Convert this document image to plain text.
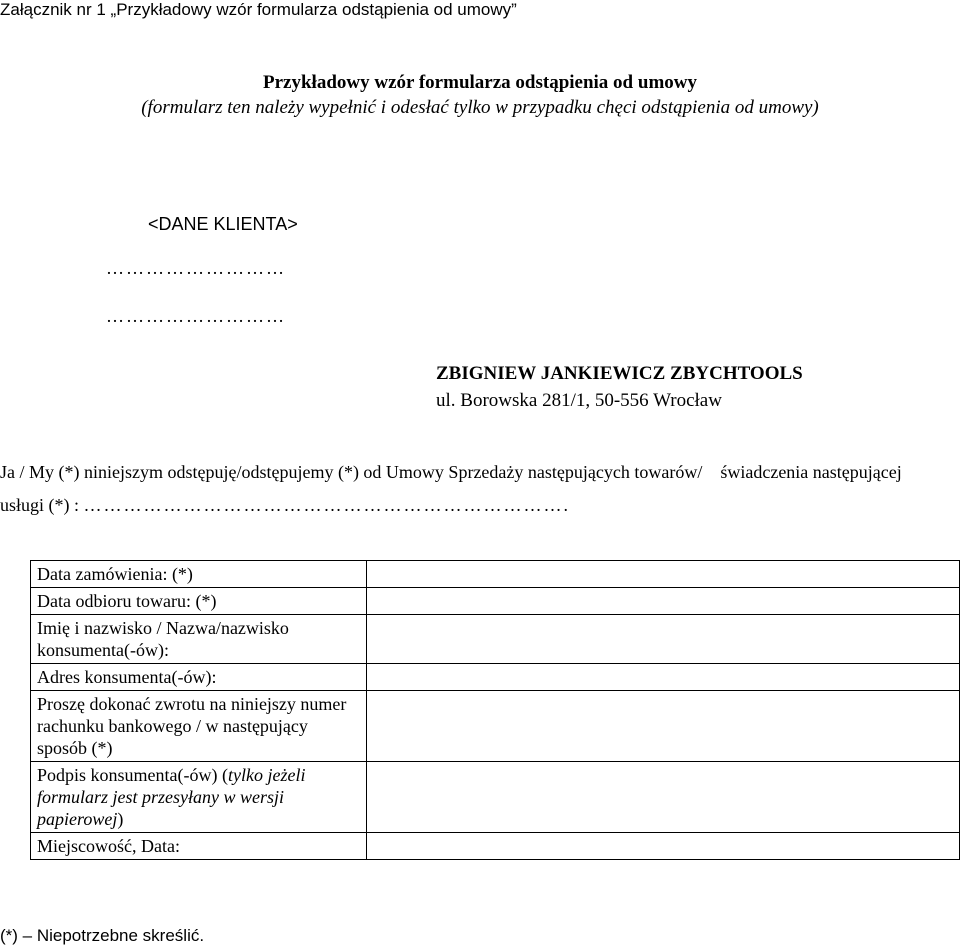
Załącznik nr 1 „Przykładowy wzór formularza odstąpienia od umowy”
Przykładowy wzór formularza odstąpienia od umowy
(formularz ten należy wypełnić i odesłać tylko w przypadku chęci odstąpienia od umowy)
<DANE KLIENTA>
………………………
………………………
ZBIGNIEW JANKIEWICZ ZBYCHTOOLS
ul. Borowska 281/1, 50-556 Wrocław
Ja / My (*) niniejszym odstępuję/odstępujemy (*) od Umowy Sprzedaży następujących towarów/ świadczenia następującej
usługi (*) : ……………………………………………………………….
Data zamówienia: (*)	
Data odbioru towaru: (*)	
Imię i nazwisko / Nazwa/nazwisko konsumenta(-ów):	
Adres konsumenta(-ów):	
Proszę dokonać zwrotu na niniejszy numer rachunku bankowego / w następujący sposób (*)	
Podpis konsumenta(-ów) (tylko jeżeli formularz jest przesyłany w wersji papierowej)	
Miejscowość, Data:	
(*) – Niepotrzebne skreślić.
